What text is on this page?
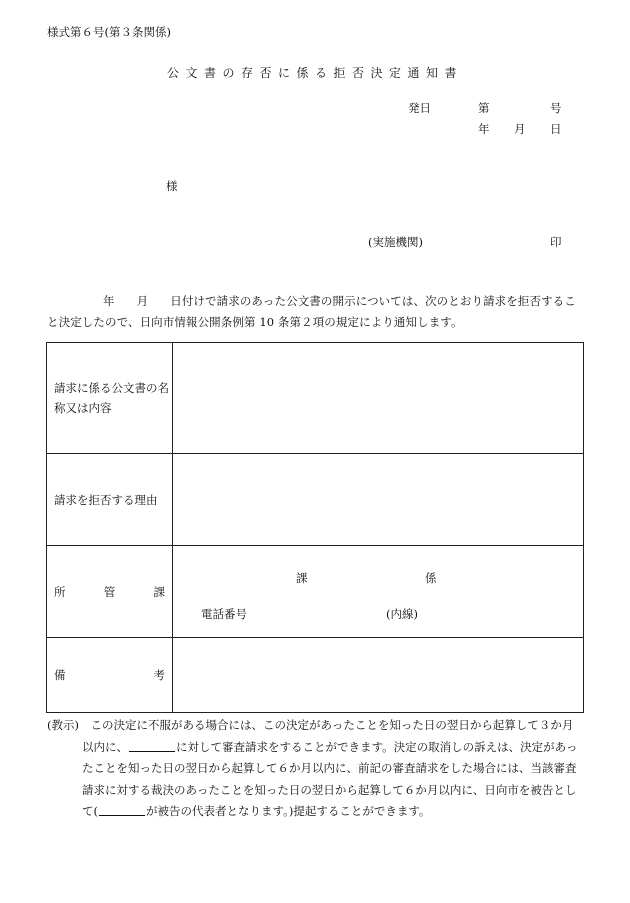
様式第６号(第３条関係)
公文書の存否に係る拒否決定通知書
発日	第	号
年 月 日
様
(実施機関)	印
年 月 日付けで請求のあった公文書の開示については、次のとおり請求を拒否すること決定したので、日向市情報公開条例第 10 条第２項の規定により通知します。
請求に係る公文書の名称又は内容	
請求を拒否する理由	

所 管 課	課 係
電話番号 (内線)

備 考	

(教示)　 この決定に不服がある場合には、この決定があったことを知った日の翌日から起算して３か月
以内に、	に対して審査請求をすることができます。決定の取消しの訴えは、決定があっ
たことを知った日の翌日から起算して６か月以内に、前記の審査請求をした場合には、当該審査
請求に対する裁決のあったことを知った日の翌日から起算して６か月以内に、日向市を被告とし
て(	が被告の代表者となります。)提起することができます。
